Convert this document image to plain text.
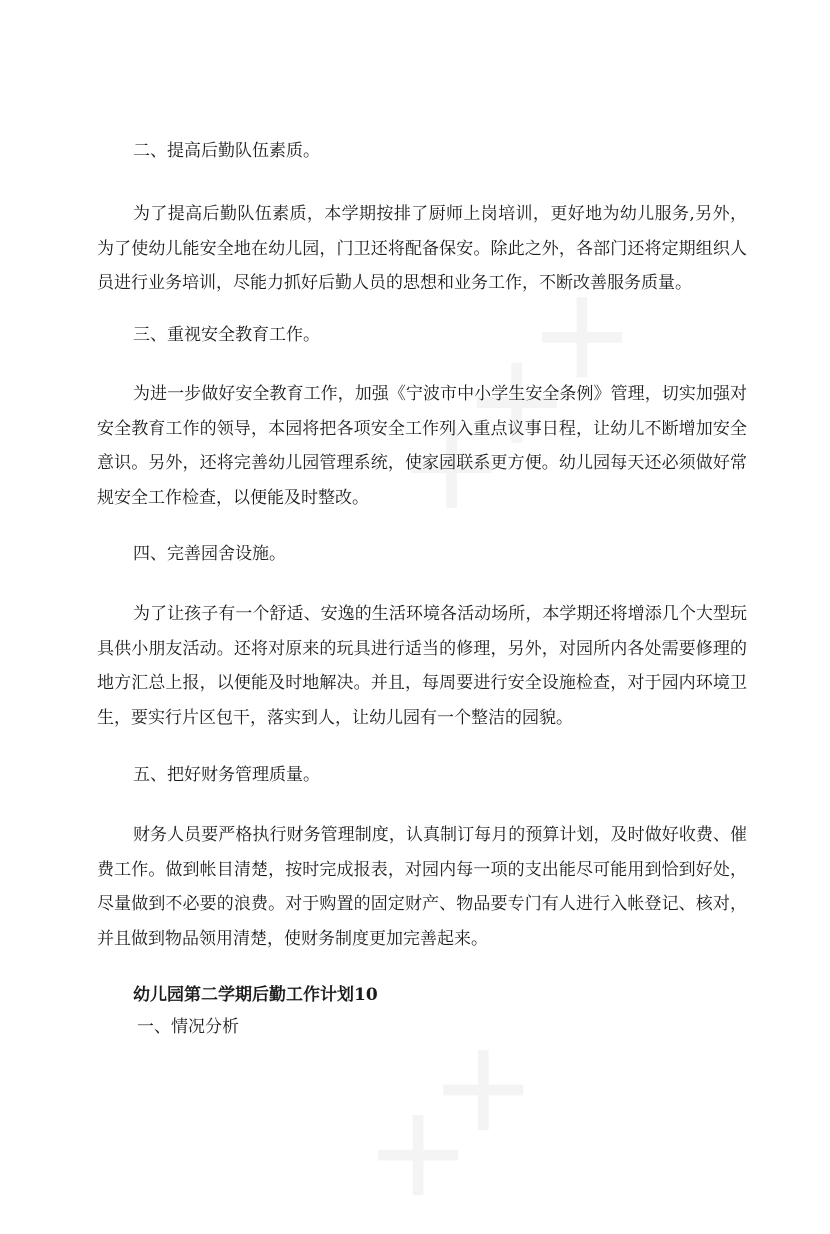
二、提高后勤队伍素质。

为了提高后勤队伍素质，本学期按排了厨师上岗培训，更好地为幼儿服务,另外，为了使幼儿能安全地在幼儿园，门卫还将配备保安。除此之外，各部门还将定期组织人员进行业务培训，尽能力抓好后勤人员的思想和业务工作，不断改善服务质量。

三、重视安全教育工作。

为进一步做好安全教育工作，加强《宁波市中小学生安全条例》管理，切实加强对安全教育工作的领导，本园将把各项安全工作列入重点议事日程，让幼儿不断增加安全意识。另外，还将完善幼儿园管理系统，使家园联系更方便。幼儿园每天还必须做好常规安全工作检查，以便能及时整改。

四、完善园舍设施。

为了让孩子有一个舒适、安逸的生活环境各活动场所，本学期还将增添几个大型玩具供小朋友活动。还将对原来的玩具进行适当的修理，另外，对园所内各处需要修理的地方汇总上报，以便能及时地解决。并且，每周要进行安全设施检查，对于园内环境卫生，要实行片区包干，落实到人，让幼儿园有一个整洁的园貌。

五、把好财务管理质量。

财务人员要严格执行财务管理制度，认真制订每月的预算计划，及时做好收费、催费工作。做到帐目清楚，按时完成报表，对园内每一项的支出能尽可能用到恰到好处，尽量做到不必要的浪费。对于购置的固定财产、物品要专门有人进行入帐登记、核对，并且做到物品领用清楚，使财务制度更加完善起来。

幼儿园第二学期后勤工作计划10
一、情况分析
